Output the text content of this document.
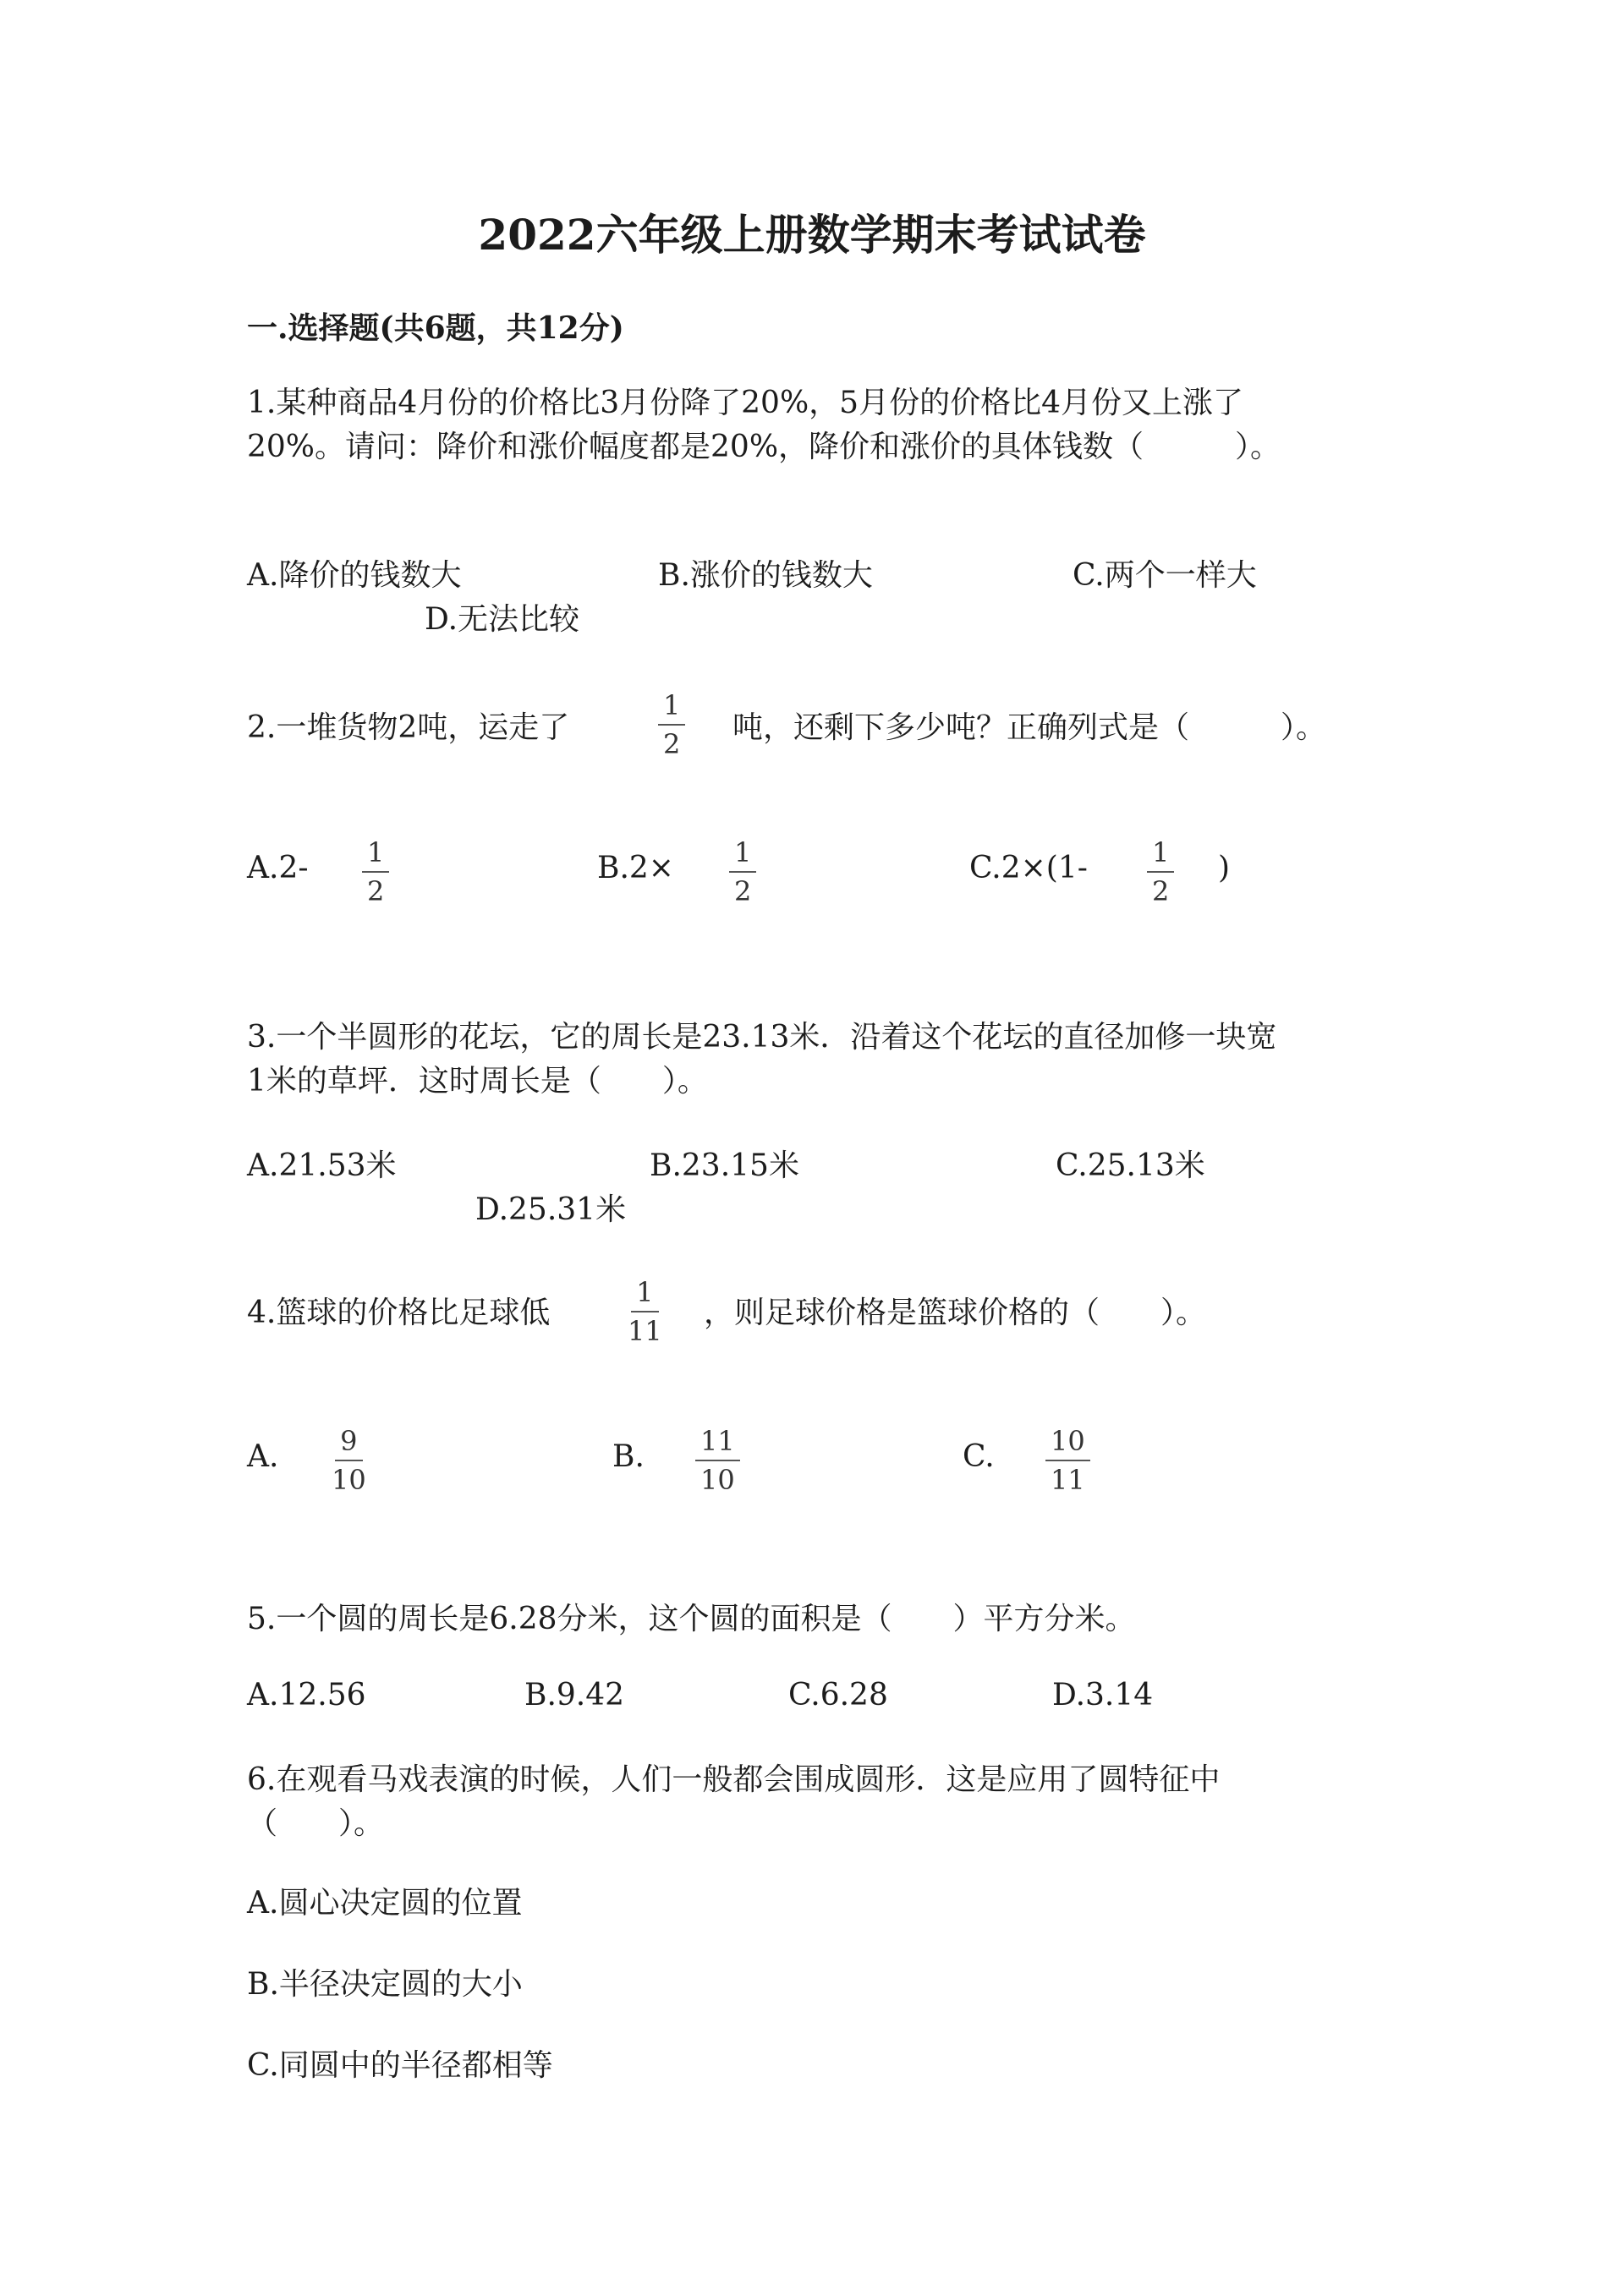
2022六年级上册数学期末考试试卷
一.选择题(共6题，共12分)
1.某种商品4月份的价格比3月份降了20%，5月份的价格比4月份又上涨了
20%。请问：降价和涨价幅度都是20%，降价和涨价的具体钱数（　　　）。
A.降价的钱数大	B.涨价的钱数大	C.两个一样大
D.无法比较
2.一堆货物2吨，运走了	$\frac{1}{2}$ 吨，还剩下多少吨？正确列式是（　　　）。
$A.2- \frac{1}{2}$	$B.2\times \frac{1}{2}$	$C.2\times(1- \frac{1}{2}$ )
3.一个半圆形的花坛，它的周长是23.13米．沿着这个花坛的直径加修一块宽
1米的草坪．这时周长是（　　）。
A.21.53米	B.23.15米	C.25.13米
D.25.31米
4.篮球的价格比足球低	$\frac{1}{11}$ ，则足球价格是篮球价格的（　　）。
A. $\frac{9}{10}$	B. $\frac{11}{10}$	C. $\frac{10}{11}$
5.一个圆的周长是6.28分米，这个圆的面积是（　　）平方分米。
A.12.56	B.9.42	C.6.28	D.3.14
6.在观看马戏表演的时候，人们一般都会围成圆形．这是应用了圆特征中
（　　）。
A.圆心决定圆的位置
B.半径决定圆的大小
C.同圆中的半径都相等
